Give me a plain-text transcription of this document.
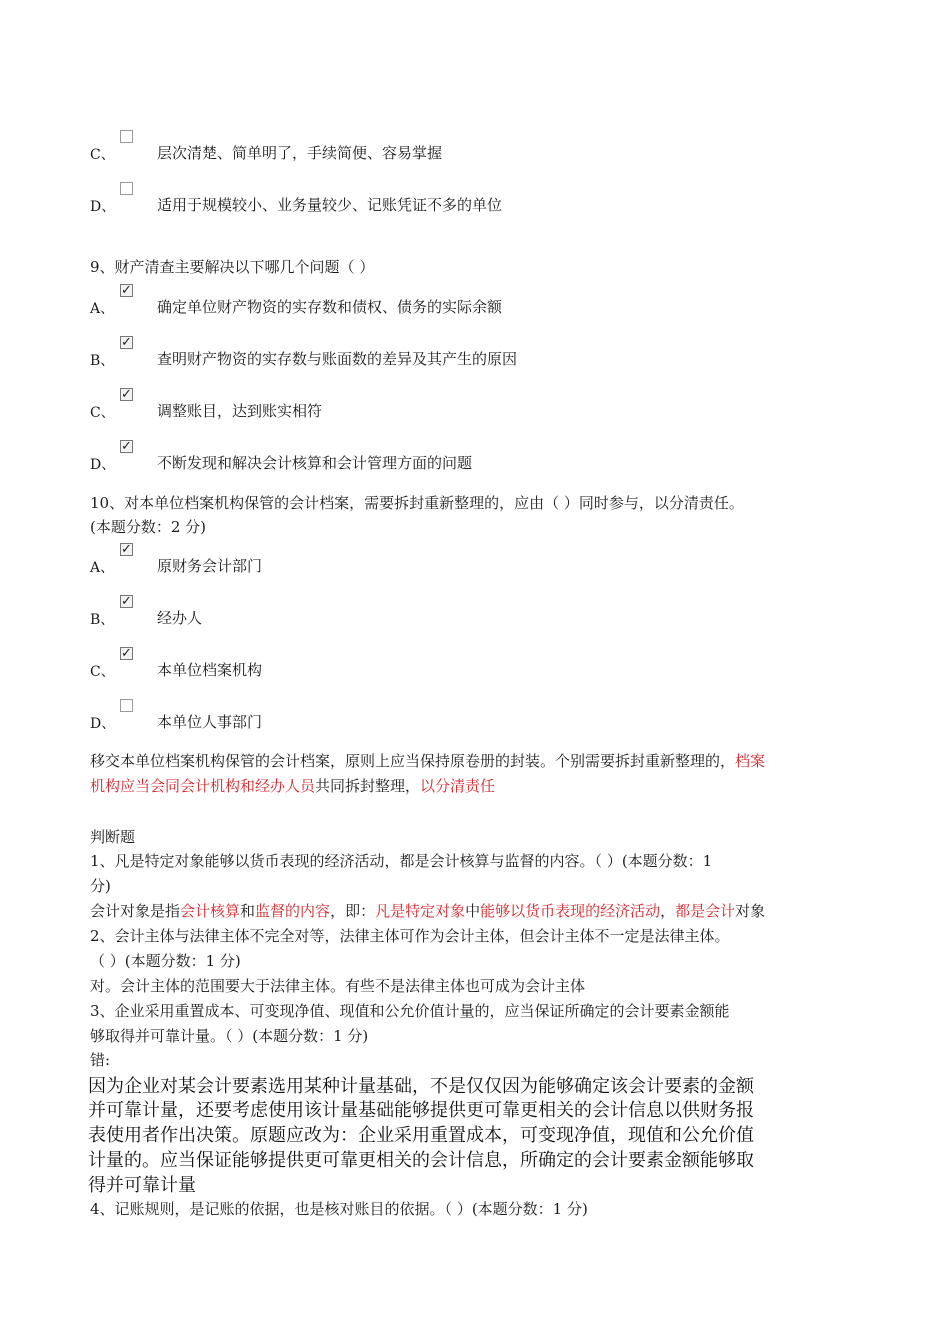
C、	层次清楚、简单明了，手续简便、容易掌握
D、	适用于规模较小、业务量较少、记账凭证不多的单位
9、财产清查主要解决以下哪几个问题（ ）
A、
✓
确定单位财产物资的实存数和债权、债务的实际余额
B、
✓
查明财产物资的实存数与账面数的差异及其产生的原因
C、
✓
调整账目，达到账实相符
D、
✓
不断发现和解决会计核算和会计管理方面的问题
10、对本单位档案机构保管的会计档案，需要拆封重新整理的，应由（ ）同时参与，以分清责任。
(本题分数：2 分)
A、
✓
原财务会计部门
B、
✓
经办人
C、
✓
本单位档案机构
D、	本单位人事部门
移交本单位档案机构保管的会计档案，原则上应当保持原卷册的封装。个别需要拆封重新整理的，档案
机构应当会同会计机构和经办人员共同拆封整理，以分清责任
判断题
1、凡是特定对象能够以货币表现的经济活动，都是会计核算与监督的内容。（ ）(本题分数：1
分)
会计对象是指会计核算和监督的内容，即：凡是特定对象中能够以货币表现的经济活动，都是会计对象
2、会计主体与法律主体不完全对等，法律主体可作为会计主体，但会计主体不一定是法律主体。
（ ）(本题分数：1 分)
对。会计主体的范围要大于法律主体。有些不是法律主体也可成为会计主体
3、企业采用重置成本、可变现净值、现值和公允价值计量的，应当保证所确定的会计要素金额能
够取得并可靠计量。（ ）(本题分数：1 分)
错:
因为企业对某会计要素选用某种计量基础，不是仅仅因为能够确定该会计要素的金额
并可靠计量，还要考虑使用该计量基础能够提供更可靠更相关的会计信息以供财务报
表使用者作出决策。原题应改为：企业采用重置成本，可变现净值，现值和公允价值
计量的。应当保证能够提供更可靠更相关的会计信息，所确定的会计要素金额能够取
得并可靠计量
4、记账规则，是记账的依据，也是核对账目的依据。（ ）(本题分数：1 分)
